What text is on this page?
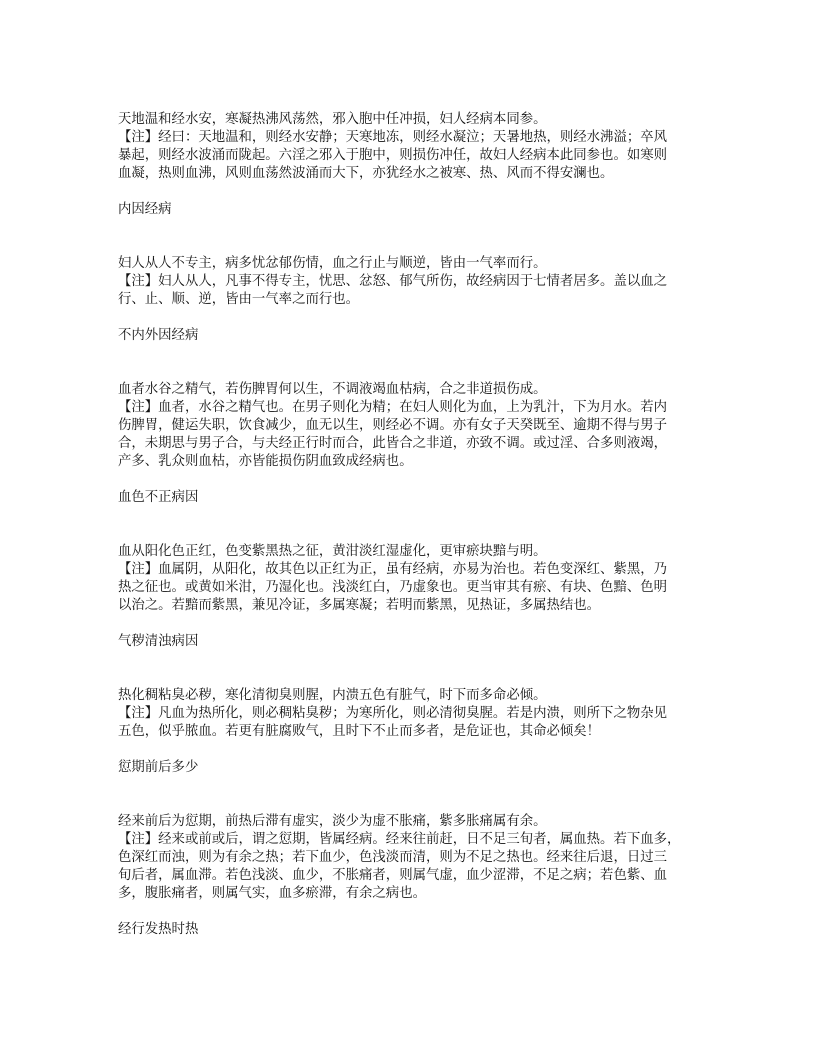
天地温和经水安，寒凝热沸风荡然，邪入胞中任冲损，妇人经病本同参。
【注】经曰：天地温和，则经水安静；天寒地冻，则经水凝泣；天暑地热，则经水沸溢；卒风
暴起，则经水波涌而陇起。六淫之邪入于胞中，则损伤冲任，故妇人经病本此同参也。如寒则
血凝，热则血沸，风则血荡然波涌而大下，亦犹经水之被寒、热、风而不得安澜也。
内因经病
妇人从人不专主，病多忧忿郁伤情，血之行止与顺逆，皆由一气率而行。
【注】妇人从人，凡事不得专主，忧思、忿怒、郁气所伤，故经病因于七情者居多。盖以血之
行、止、顺、逆，皆由一气率之而行也。
不内外因经病
血者水谷之精气，若伤脾胃何以生，不调液竭血枯病，合之非道损伤成。
【注】血者，水谷之精气也。在男子则化为精；在妇人则化为血，上为乳汁，下为月水。若内
伤脾胃，健运失职，饮食减少，血无以生，则经必不调。亦有女子天癸既至、逾期不得与男子
合，未期思与男子合，与夫经正行时而合，此皆合之非道，亦致不调。或过淫、合多则液竭，
产多、乳众则血枯，亦皆能损伤阴血致成经病也。
血色不正病因
血从阳化色正红，色变紫黑热之征，黄泔淡红湿虚化，更审瘀块黯与明。
【注】血属阴，从阳化，故其色以正红为正，虽有经病，亦易为治也。若色变深红、紫黑，乃
热之征也。或黄如米泔，乃湿化也。浅淡红白，乃虚象也。更当审其有瘀、有块、色黯、色明
以治之。若黯而紫黑，兼见冷证，多属寒凝；若明而紫黑，见热证，多属热结也。
气秽清浊病因
热化稠粘臭必秽，寒化清彻臭则腥，内溃五色有脏气，时下而多命必倾。
【注】凡血为热所化，则必稠粘臭秽；为寒所化，则必清彻臭腥。若是内溃，则所下之物杂见
五色，似乎脓血。若更有脏腐败气，且时下不止而多者，是危证也，其命必倾矣！
愆期前后多少
经来前后为愆期，前热后滞有虚实，淡少为虚不胀痛，紫多胀痛属有余。
【注】经来或前或后，谓之愆期，皆属经病。经来往前赶，日不足三旬者，属血热。若下血多，
色深红而浊，则为有余之热；若下血少，色浅淡而清，则为不足之热也。经来往后退，日过三
旬后者，属血滞。若色浅淡、血少，不胀痛者，则属气虚，血少涩滞，不足之病；若色紫、血
多，腹胀痛者，则属气实，血多瘀滞，有余之病也。
经行发热时热
